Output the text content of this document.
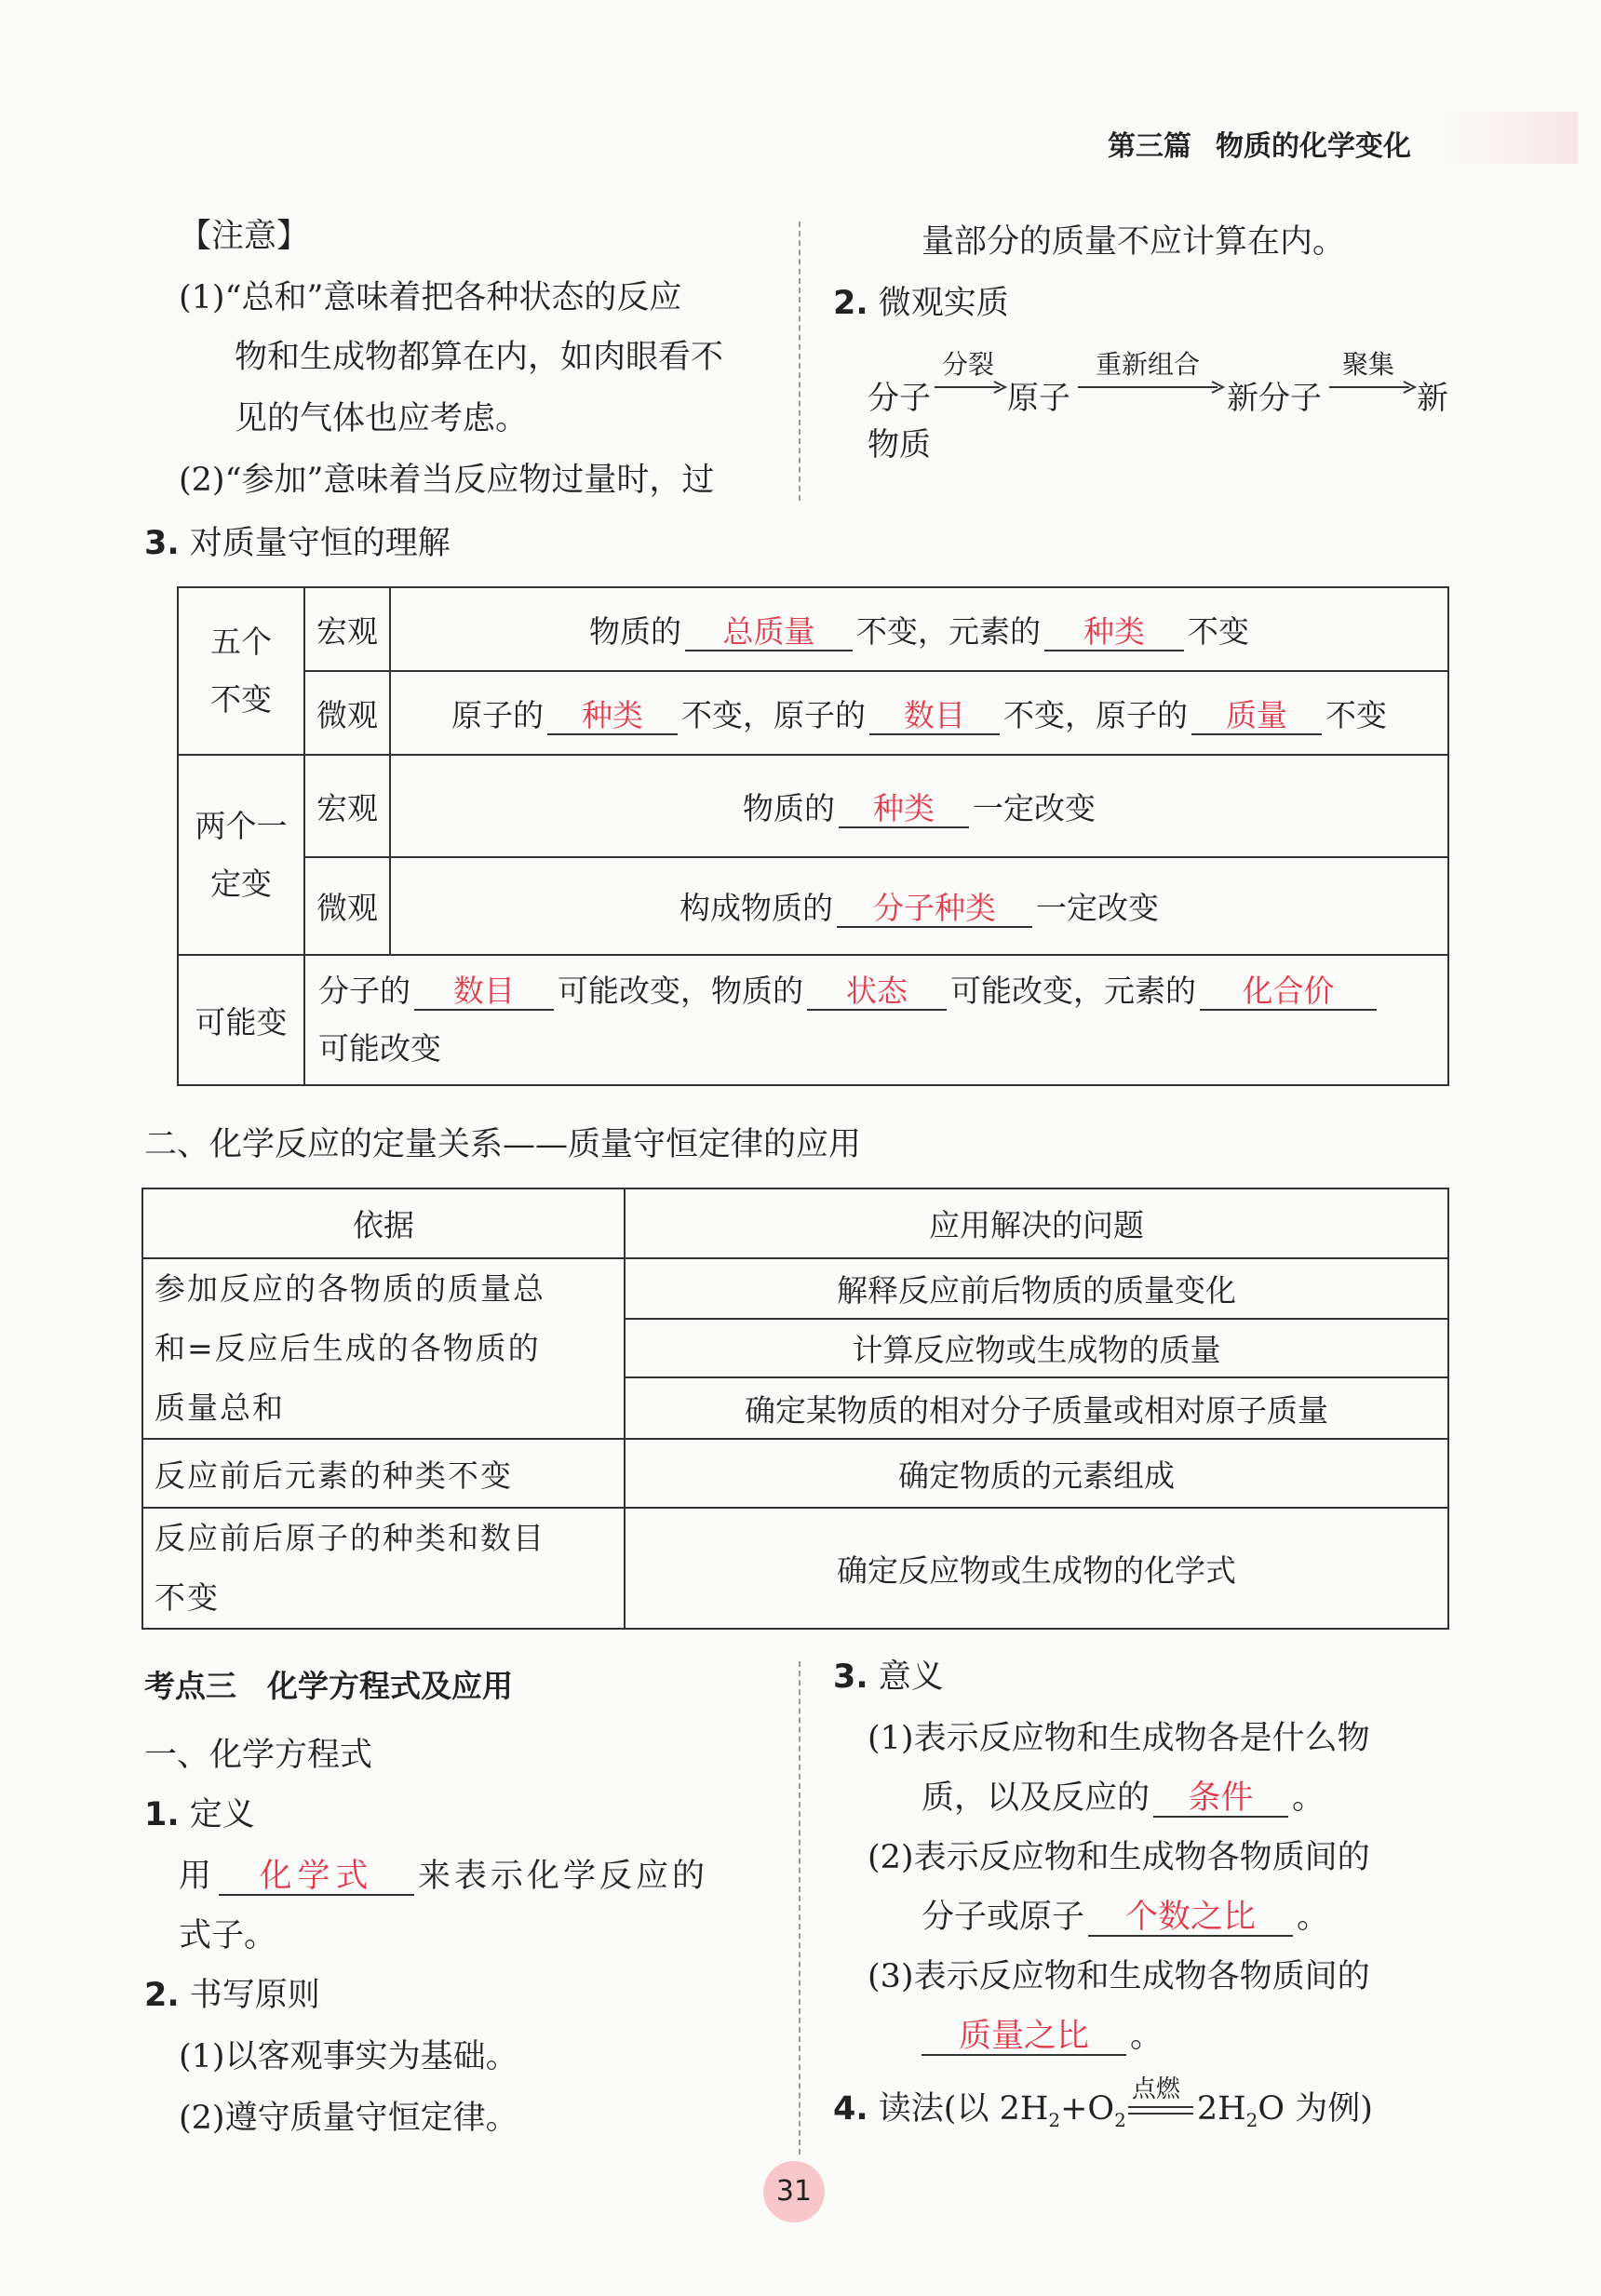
第三篇 物质的化学变化
【注意】
(1)“总和”意味着把各种状态的反应
物和生成物都算在内，如肉眼看不
见的气体也应考虑。
(2)“参加”意味着当反应物过量时，过
量部分的质量不应计算在内。
2. 微观实质
分子
分裂
原子
重新组合
新分子
聚集
新
物质
3. 对质量守恒的理解
五个
不变	宏观	物质的 总质量 不变，元素的 种类 不变
	微观	原子的 种类 不变，原子的 数目 不变，原子的 质量 不变
两个一
定变	宏观	物质的 种类 一定改变
	微观	构成物质的 分子种类 一定改变
可能变	分子的 数目 可能改变，物质的 状态 可能改变，元素的 化合价
可能改变	
二、化学反应的定量关系——质量守恒定律的应用
依据	应用解决的问题
参加反应的各物质的质量总
和=反应后生成的各物质的
质量总和	解释反应前后物质的质量变化
	计算反应物或生成物的质量
	确定某物质的相对分子质量或相对原子质量
反应前后元素的种类不变	确定物质的元素组成
反应前后原子的种类和数目
不变	确定反应物或生成物的化学式
考点三　化学方程式及应用
一、化学方程式
1. 定义
用 化学式 来表示化学反应的
式子。
2. 书写原则
(1)以客观事实为基础。
(2)遵守质量守恒定律。
3. 意义
(1)表示反应物和生成物各是什么物
质，以及反应的 条件 。
(2)表示反应物和生成物各物质间的
分子或原子 个数之比 。
(3)表示反应物和生成物各物质间的
质量之比 。
4. 读法(以 $2H_2+O_2$
点燃
$2H_2O$ 为例)
31
